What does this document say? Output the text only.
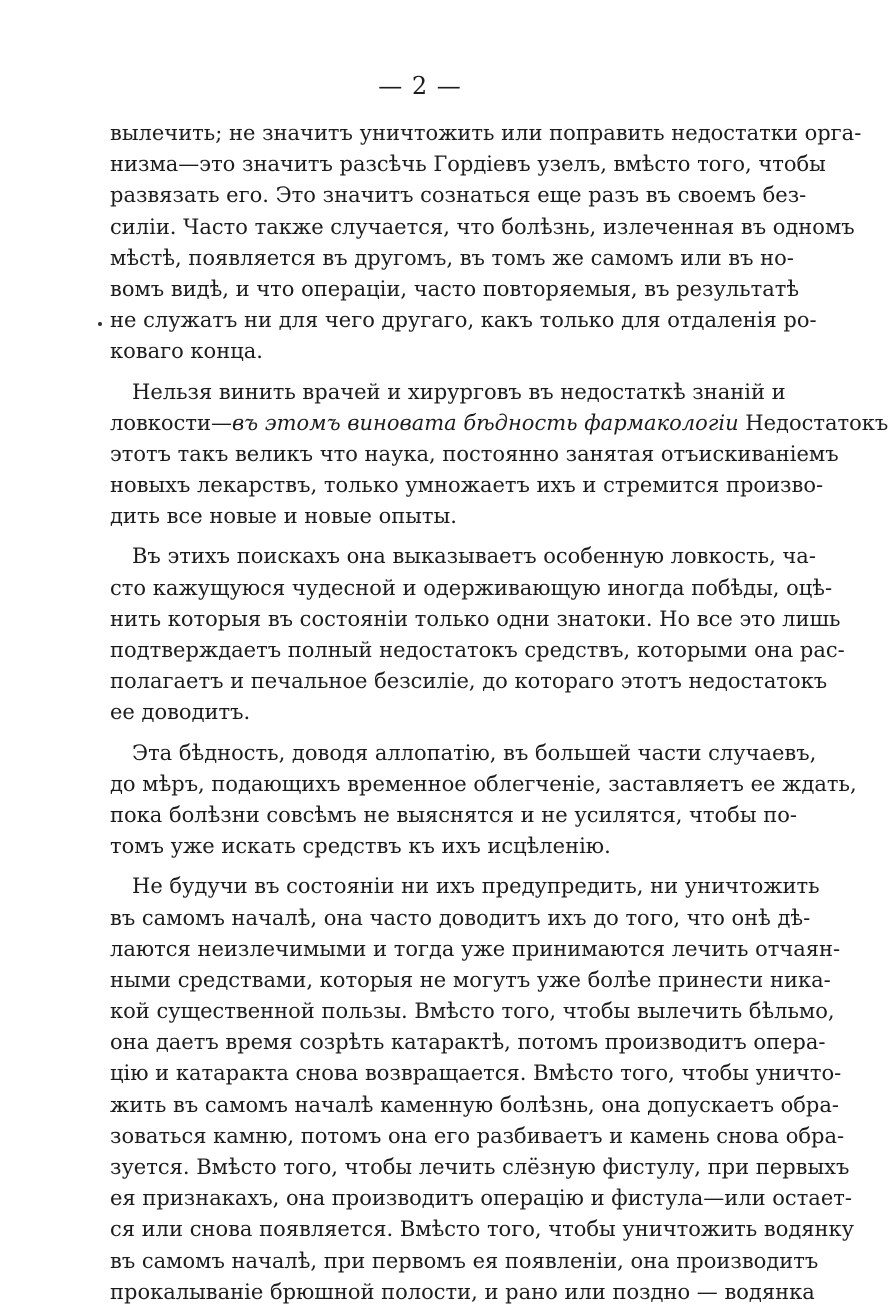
— 2 —
вылечить; не значитъ уничтожить или поправить недостатки орга-
низма—это значитъ разсѣчь Гордіевъ узелъ, вмѣсто того, чтобы
развязать его. Это значитъ сознаться еще разъ въ своемъ без-
силіи. Часто также случается, что болѣзнь, излеченная въ одномъ
мѣстѣ, появляется въ другомъ, въ томъ же самомъ или въ но-
вомъ видѣ, и что операціи, часто повторяемыя, въ результатѣ
не служатъ ни для чего другаго, какъ только для отдаленія ро-
коваго конца.
Нельзя винить врачей и хирурговъ въ недостаткѣ знаній и
ловкости—въ этомъ виновата бѣдность фармакологіи Недостатокъ
этотъ такъ великъ что наука, постоянно занятая отъискиваніемъ
новыхъ лекарствъ, только умножаетъ ихъ и стремится произво-
дить все новые и новые опыты.
Въ этихъ поискахъ она выказываетъ особенную ловкость, ча-
сто кажущуюся чудесной и одерживающую иногда побѣды, оцѣ-
нить которыя въ состояніи только одни знатоки. Но все это лишь
подтверждаетъ полный недостатокъ средствъ, которыми она рас-
полагаетъ и печальное безсиліе, до котораго этотъ недостатокъ
ее доводитъ.
Эта бѣдность, доводя аллопатію, въ большей части случаевъ,
до мѣръ, подающихъ временное облегченіе, заставляетъ ее ждать,
пока болѣзни совсѣмъ не выяснятся и не усилятся, чтобы по-
томъ уже искать средствъ къ ихъ исцѣленію.
Не будучи въ состояніи ни ихъ предупредить, ни уничтожить
въ самомъ началѣ, она часто доводитъ ихъ до того, что онѣ дѣ-
лаются неизлечимыми и тогда уже принимаются лечить отчаян-
ными средствами, которыя не могутъ уже болѣе принести ника-
кой существенной пользы. Вмѣсто того, чтобы вылечить бѣльмо,
она даетъ время созрѣть катарактѣ, потомъ производитъ опера-
цію и катаракта снова возвращается. Вмѣсто того, чтобы уничто-
жить въ самомъ началѣ каменную болѣзнь, она допускаетъ обра-
зоваться камню, потомъ она его разбиваетъ и камень снова обра-
зуется. Вмѣсто того, чтобы лечить слёзную фистулу, при первыхъ
ея признакахъ, она производитъ операцію и фистула—или остает-
ся или снова появляется. Вмѣсто того, чтобы уничтожить водянку
въ самомъ началѣ, при первомъ ея появленіи, она производитъ
прокалываніе брюшной полости, и рано или поздно — водянка
